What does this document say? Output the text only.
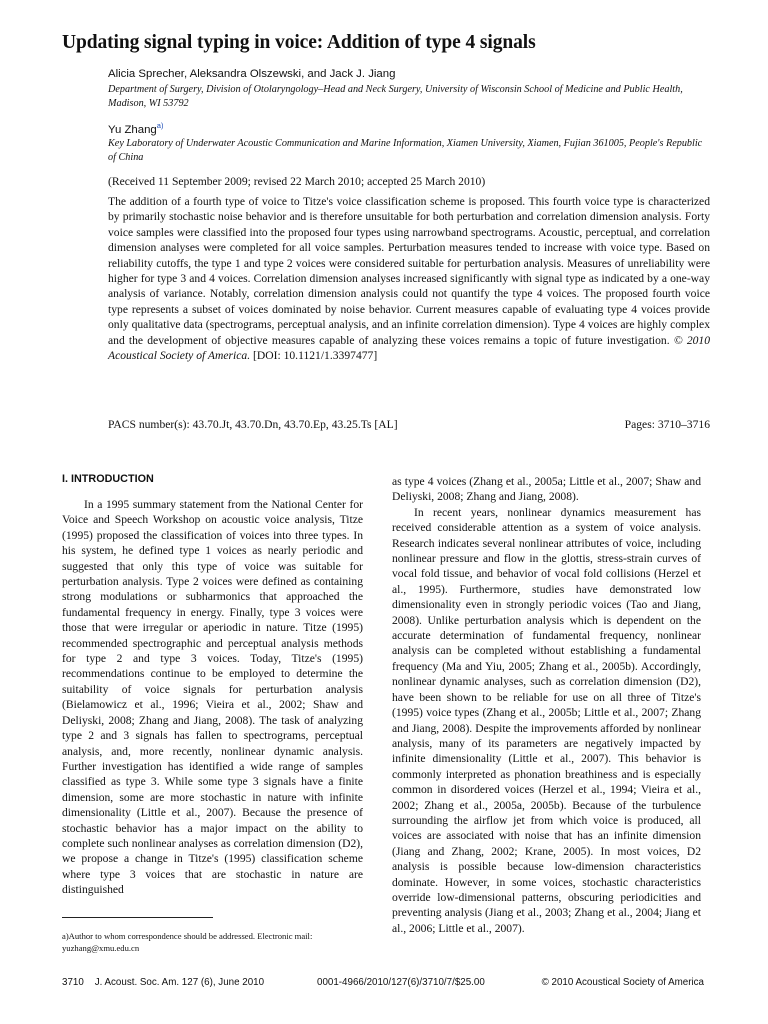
Updating signal typing in voice: Addition of type 4 signals
Alicia Sprecher, Aleksandra Olszewski, and Jack J. Jiang
Department of Surgery, Division of Otolaryngology–Head and Neck Surgery, University of Wisconsin School of Medicine and Public Health, Madison, WI 53792
Yu Zhang$^{a)}$
Key Laboratory of Underwater Acoustic Communication and Marine Information, Xiamen University, Xiamen, Fujian 361005, People's Republic of China
(Received 11 September 2009; revised 22 March 2010; accepted 25 March 2010)
The addition of a fourth type of voice to Titze's voice classification scheme is proposed. This fourth voice type is characterized by primarily stochastic noise behavior and is therefore unsuitable for both perturbation and correlation dimension analysis. Forty voice samples were classified into the proposed four types using narrowband spectrograms. Acoustic, perceptual, and correlation dimension analyses were completed for all voice samples. Perturbation measures tended to increase with voice type. Based on reliability cutoffs, the type 1 and type 2 voices were considered suitable for perturbation analysis. Measures of unreliability were higher for type 3 and 4 voices. Correlation dimension analyses increased significantly with signal type as indicated by a one-way analysis of variance. Notably, correlation dimension analysis could not quantify the type 4 voices. The proposed fourth voice type represents a subset of voices dominated by noise behavior. Current measures capable of evaluating type 4 voices provide only qualitative data (spectrograms, perceptual analysis, and an infinite correlation dimension). Type 4 voices are highly complex and the development of objective measures capable of analyzing these voices remains a topic of future investigation. © 2010 Acoustical Society of America. [DOI: 10.1121/1.3397477]
PACS number(s): 43.70.Jt, 43.70.Dn, 43.70.Ep, 43.25.Ts [AL]	Pages: 3710–3716
I. INTRODUCTION
In a 1995 summary statement from the National Center for Voice and Speech Workshop on acoustic voice analysis, Titze (1995) proposed the classification of voices into three types. In his system, he defined type 1 voices as nearly periodic and suggested that only this type of voice was suitable for perturbation analysis. Type 2 voices were defined as containing strong modulations or subharmonics that approached the fundamental frequency in energy. Finally, type 3 voices were those that were irregular or aperiodic in nature. Titze (1995) recommended spectrographic and perceptual analysis methods for type 2 and type 3 voices. Today, Titze's (1995) recommendations continue to be employed to determine the suitability of voice signals for perturbation analysis (Bielamowicz et al., 1996; Vieira et al., 2002; Shaw and Deliyski, 2008; Zhang and Jiang, 2008). The task of analyzing type 2 and 3 signals has fallen to spectrograms, perceptual analysis, and, more recently, nonlinear dynamic analysis. Further investigation has identified a wide range of samples classified as type 3. While some type 3 signals have a finite dimension, some are more stochastic in nature with infinite dimensionality (Little et al., 2007). Because the presence of stochastic behavior has a major impact on the ability to complete such nonlinear analyses as correlation dimension (D2), we propose a change in Titze's (1995) classification scheme where type 3 voices that are stochastic in nature are distinguished

as type 4 voices (Zhang et al., 2005a; Little et al., 2007; Shaw and Deliyski, 2008; Zhang and Jiang, 2008).

In recent years, nonlinear dynamics measurement has received considerable attention as a system of voice analysis. Research indicates several nonlinear attributes of voice, including nonlinear pressure and flow in the glottis, stress-strain curves of vocal fold tissue, and behavior of vocal fold collisions (Herzel et al., 1995). Furthermore, studies have demonstrated low dimensionality even in strongly periodic voices (Tao and Jiang, 2008). Unlike perturbation analysis which is dependent on the accurate determination of fundamental frequency, nonlinear analysis can be completed without establishing a fundamental frequency (Ma and Yiu, 2005; Zhang et al., 2005b). Accordingly, nonlinear dynamic analyses, such as correlation dimension (D2), have been shown to be reliable for use on all three of Titze's (1995) voice types (Zhang et al., 2005b; Little et al., 2007; Zhang and Jiang, 2008). Despite the improvements afforded by nonlinear analysis, many of its parameters are negatively impacted by infinite dimensionality (Little et al., 2007). This behavior is commonly interpreted as phonation breathiness and is especially common in disordered voices (Herzel et al., 1994; Vieira et al., 2002; Zhang et al., 2005a, 2005b). Because of the turbulence surrounding the airflow jet from which voice is produced, all voices are associated with noise that has an infinite dimension (Jiang and Zhang, 2002; Krane, 2005). In most voices, D2 analysis is possible because low-dimension characteristics dominate. However, in some voices, stochastic characteristics override low-dimensional patterns, obscuring periodicities and preventing analysis (Jiang et al., 2003; Zhang et al., 2004; Jiang et al., 2006; Little et al., 2007).

a)Author to whom correspondence should be addressed. Electronic mail: yuzhang@xmu.edu.cn
3710 J. Acoust. Soc. Am. 127 (6), June 2010	0001-4966/2010/127(6)/3710/7/$25.00	© 2010 Acoustical Society of America
